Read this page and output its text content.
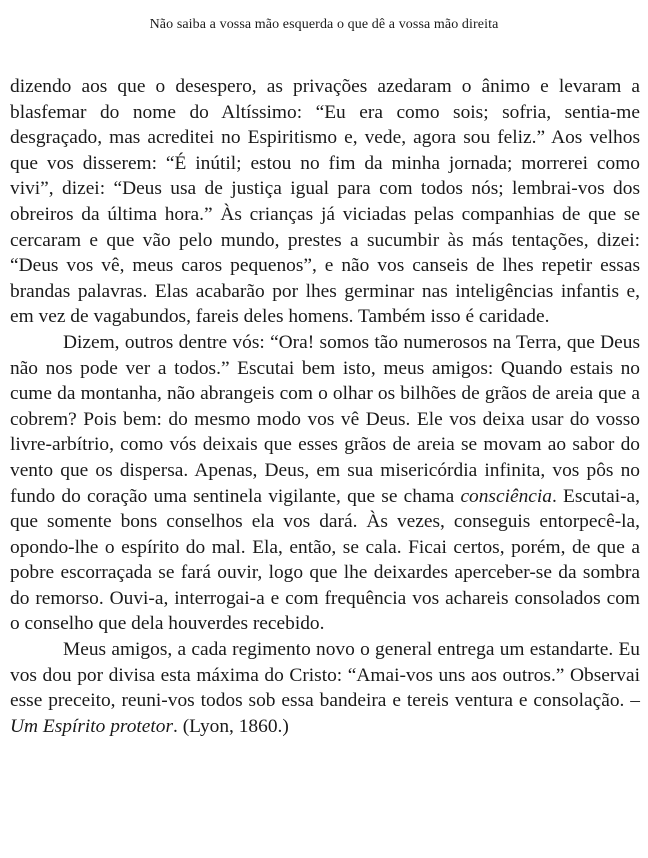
Não saiba a vossa mão esquerda o que dê a vossa mão direita

dizendo aos que o desespero, as privações azedaram o ânimo e levaram a blasfemar do nome do Altíssimo: “Eu era como sois; sofria, sentia-me desgraçado, mas acreditei no Espiritismo e, vede, agora sou feliz.” Aos velhos que vos disserem: “É inútil; estou no fim da minha jornada; morrerei como vivi”, dizei: “Deus usa de justiça igual para com todos nós; lembrai-vos dos obreiros da última hora.” Às crianças já viciadas pelas companhias de que se cercaram e que vão pelo mundo, prestes a sucumbir às más tentações, dizei: “Deus vos vê, meus caros pequenos”, e não vos canseis de lhes repetir essas brandas palavras. Elas acabarão por lhes germinar nas inteligências infantis e, em vez de vagabundos, fareis deles homens. Também isso é caridade.

Dizem, outros dentre vós: “Ora! somos tão numerosos na Terra, que Deus não nos pode ver a todos.” Escutai bem isto, meus amigos: Quando estais no cume da montanha, não abrangeis com o olhar os bilhões de grãos de areia que a cobrem? Pois bem: do mesmo modo vos vê Deus. Ele vos deixa usar do vosso livre-arbítrio, como vós deixais que esses grãos de areia se movam ao sabor do vento que os dispersa. Apenas, Deus, em sua misericórdia infinita, vos pôs no fundo do coração uma sentinela vigilante, que se chama consciência. Escutai-a, que somente bons conselhos ela vos dará. Às vezes, conseguis entorpecê-la, opondo-lhe o espírito do mal. Ela, então, se cala. Ficai certos, porém, de que a pobre escorraçada se fará ouvir, logo que lhe deixardes aperceber-se da sombra do remorso. Ouvi-a, interrogai-a e com frequência vos achareis consolados com o conselho que dela houverdes recebido.

Meus amigos, a cada regimento novo o general entrega um estandarte. Eu vos dou por divisa esta máxima do Cristo: “Amai-vos uns aos outros.” Observai esse preceito, reuni-vos todos sob essa bandeira e tereis ventura e consolação. – Um Espírito protetor. (Lyon, 1860.)
